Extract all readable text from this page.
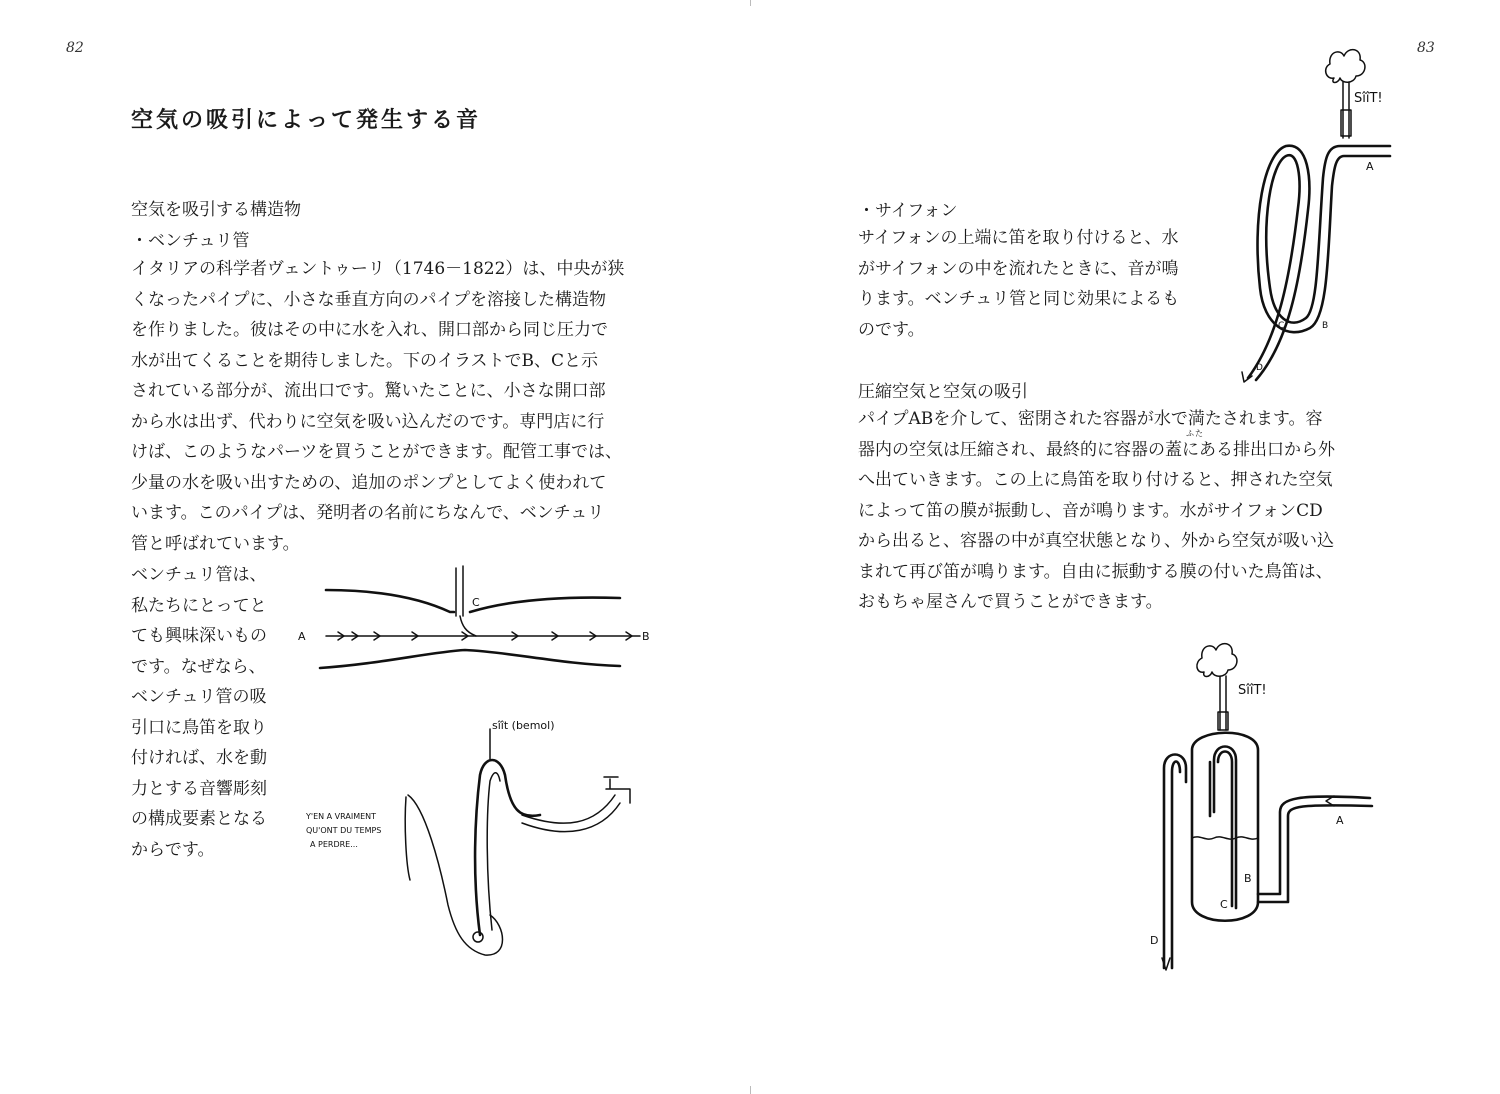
82
空気の吸引によって発生する音
空気を吸引する構造物
・ベンチュリ管
イタリアの科学者ヴェントゥーリ（1746－1822）は、中央が狭
くなったパイプに、小さな垂直方向のパイプを溶接した構造物
を作りました。彼はその中に水を入れ、開口部から同じ圧力で
水が出てくることを期待しました。下のイラストでB、Cと示
されている部分が、流出口です。驚いたことに、小さな開口部
から水は出ず、代わりに空気を吸い込んだのです。専門店に行
けば、このようなパーツを買うことができます。配管工事では、
少量の水を吸い出すための、追加のポンプとしてよく使われて
います。このパイプは、発明者の名前にちなんで、ベンチュリ
管と呼ばれています。
ベンチュリ管は、
私たちにとってと
ても興味深いもの
です。なぜなら、
ベンチュリ管の吸
引口に鳥笛を取り
付ければ、水を動
力とする音響彫刻
の構成要素となる
からです。
A	B
C
sîît (bemol)
Y'EN A VRAIMENT
QU'ONT DU TEMPS
A PERDRE...
83
・サイフォン
サイフォンの上端に笛を取り付けると、水
がサイフォンの中を流れたときに、音が鳴
ります。ベンチュリ管と同じ効果によるも
のです。
圧縮空気と空気の吸引
パイプABを介して、密閉された容器が水で満たされます。容
器内の空気は圧縮され、最終的に容器の蓋にある排出口から外
へ出ていきます。この上に鳥笛を取り付けると、押された空気
によって笛の膜が振動し、音が鳴ります。水がサイフォンCD
から出ると、容器の中が真空状態となり、外から空気が吸い込
まれて再び笛が鳴ります。自由に振動する膜の付いた鳥笛は、
おもちゃ屋さんで買うことができます。
ふた
SîîT!
A
B
C
D
SîîT!
A
B
C
D
